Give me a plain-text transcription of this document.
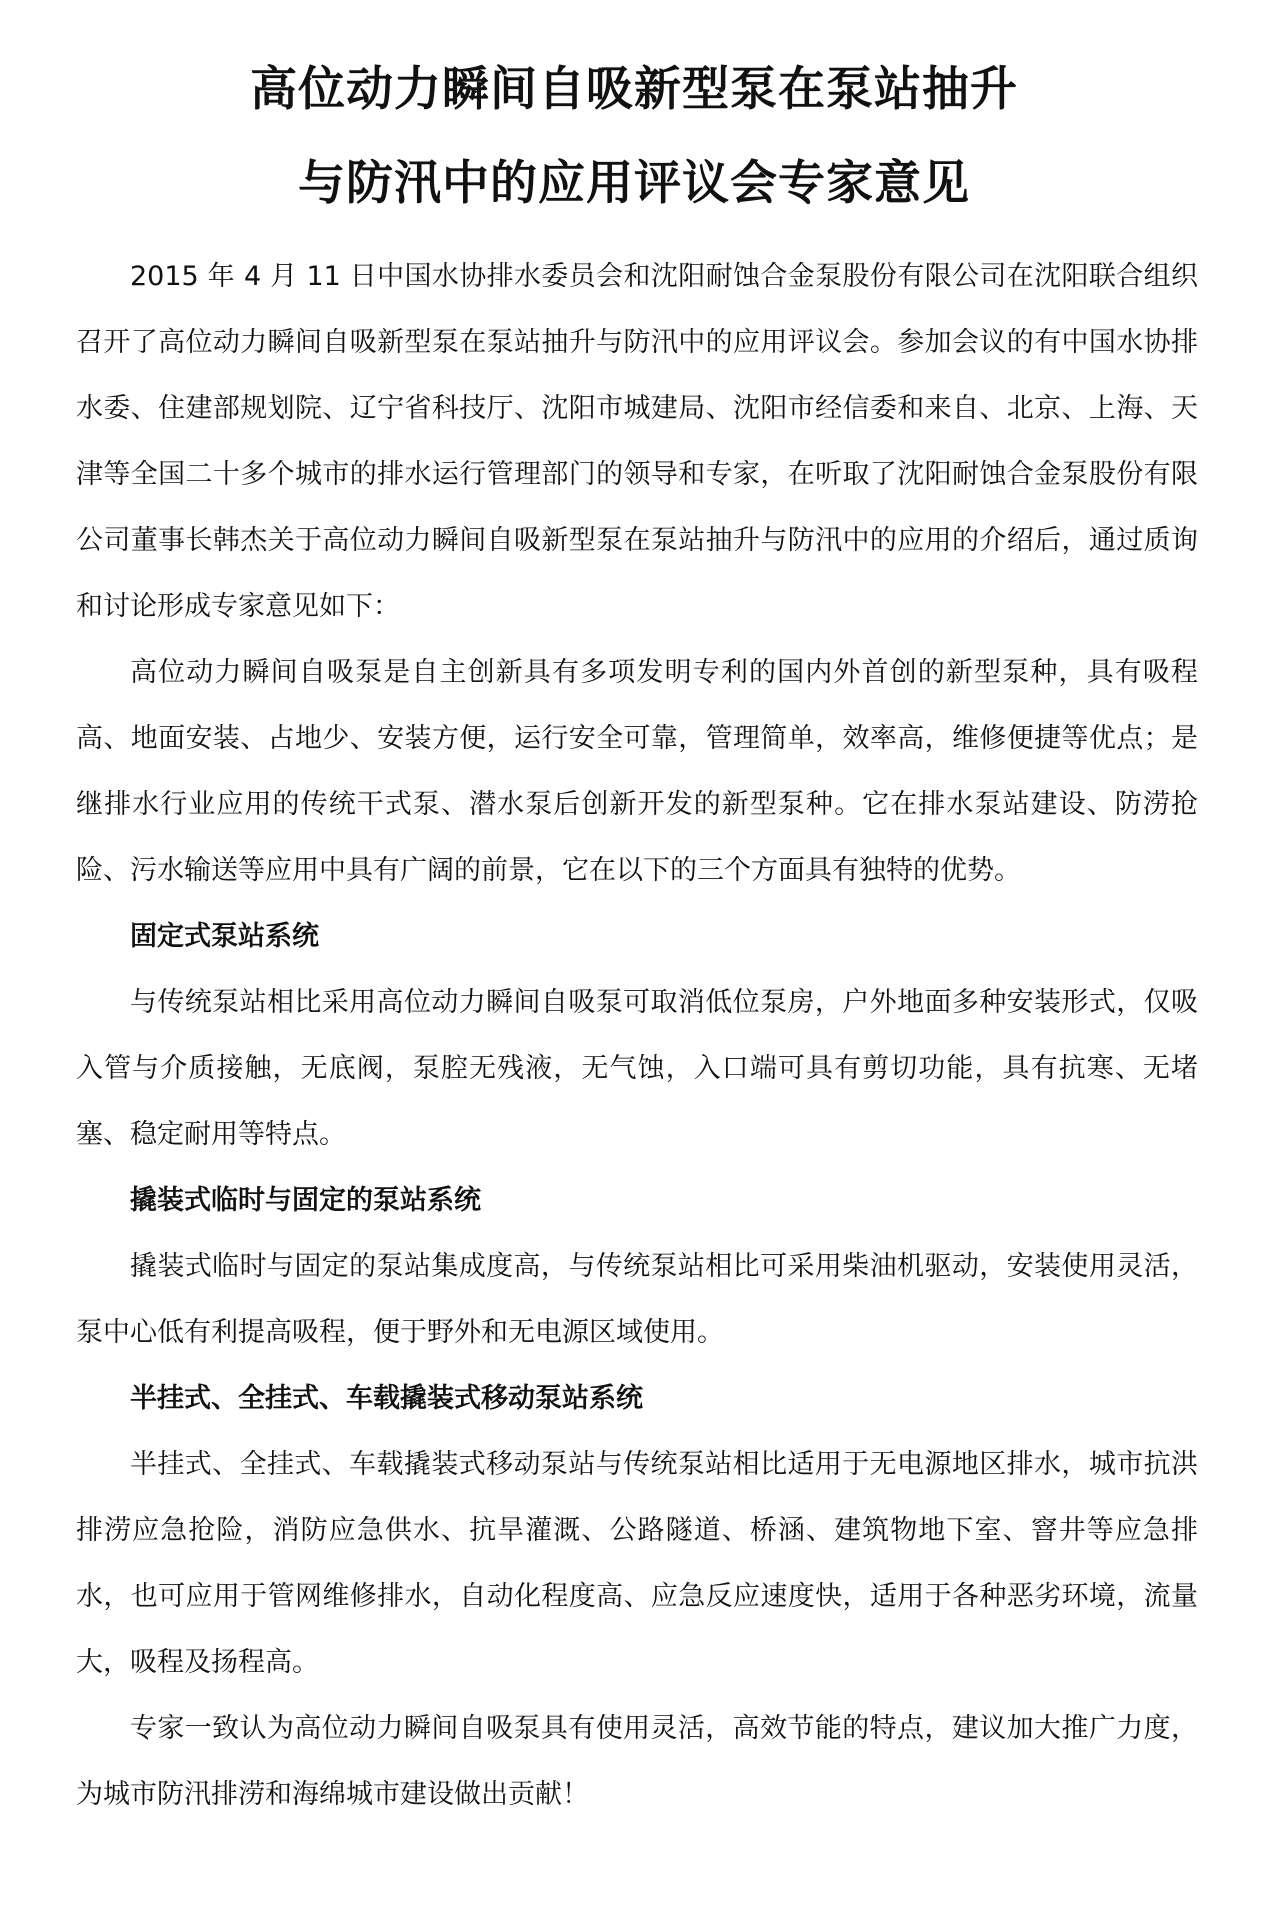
高位动力瞬间自吸新型泵在泵站抽升
与防汛中的应用评议会专家意见

2015 年 4 月 11 日中国水协排水委员会和沈阳耐蚀合金泵股份有限公司在沈阳联合组织召开了高位动力瞬间自吸新型泵在泵站抽升与防汛中的应用评议会。参加会议的有中国水协排水委、住建部规划院、辽宁省科技厅、沈阳市城建局、沈阳市经信委和来自、北京、上海、天津等全国二十多个城市的排水运行管理部门的领导和专家，在听取了沈阳耐蚀合金泵股份有限公司董事长韩杰关于高位动力瞬间自吸新型泵在泵站抽升与防汛中的应用的介绍后，通过质询和讨论形成专家意见如下：

高位动力瞬间自吸泵是自主创新具有多项发明专利的国内外首创的新型泵种，具有吸程高、地面安装、占地少、安装方便，运行安全可靠，管理简单，效率高，维修便捷等优点；是继排水行业应用的传统干式泵、潜水泵后创新开发的新型泵种。它在排水泵站建设、防涝抢险、污水输送等应用中具有广阔的前景，它在以下的三个方面具有独特的优势。

固定式泵站系统

与传统泵站相比采用高位动力瞬间自吸泵可取消低位泵房，户外地面多种安装形式，仅吸入管与介质接触，无底阀，泵腔无残液，无气蚀，入口端可具有剪切功能，具有抗寒、无堵塞、稳定耐用等特点。

撬装式临时与固定的泵站系统

撬装式临时与固定的泵站集成度高，与传统泵站相比可采用柴油机驱动，安装使用灵活，泵中心低有利提高吸程，便于野外和无电源区域使用。

半挂式、全挂式、车载撬装式移动泵站系统

半挂式、全挂式、车载撬装式移动泵站与传统泵站相比适用于无电源地区排水，城市抗洪排涝应急抢险，消防应急供水、抗旱灌溉、公路隧道、桥涵、建筑物地下室、窨井等应急排水，也可应用于管网维修排水，自动化程度高、应急反应速度快，适用于各种恶劣环境，流量大，吸程及扬程高。

专家一致认为高位动力瞬间自吸泵具有使用灵活，高效节能的特点，建议加大推广力度，为城市防汛排涝和海绵城市建设做出贡献！
